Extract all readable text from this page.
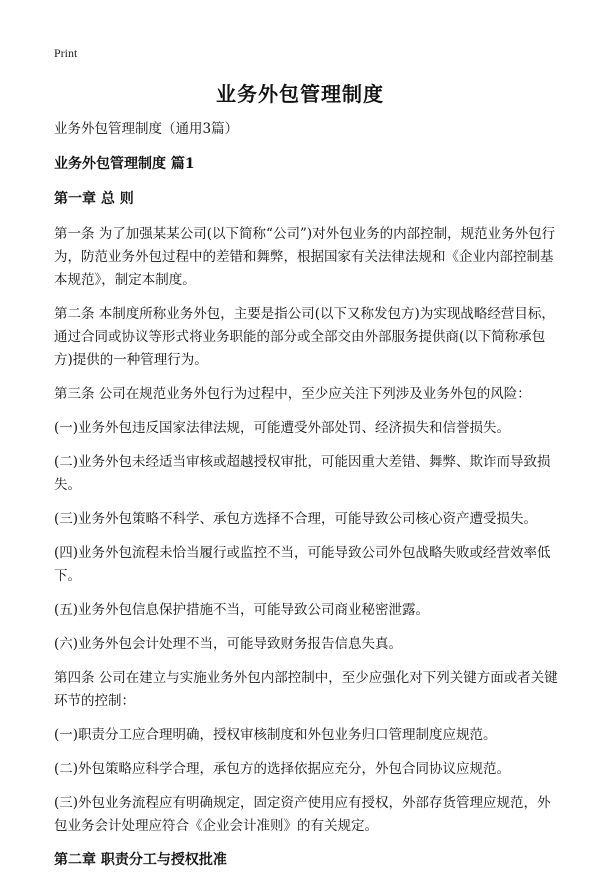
Print
业务外包管理制度
业务外包管理制度（通用3篇）
业务外包管理制度 篇1
第一章 总 则
第一条 为了加强某某公司(以下简称“公司”)对外包业务的内部控制，规范业务外包行为，防范业务外包过程中的差错和舞弊，根据国家有关法律法规和《企业内部控制基本规范》，制定本制度。
第二条 本制度所称业务外包，主要是指公司(以下又称发包方)为实现战略经营目标，通过合同或协议等形式将业务职能的部分或全部交由外部服务提供商(以下简称承包方)提供的一种管理行为。
第三条 公司在规范业务外包行为过程中，至少应关注下列涉及业务外包的风险：
(一)业务外包违反国家法律法规，可能遭受外部处罚、经济损失和信誉损失。
(二)业务外包未经适当审核或超越授权审批，可能因重大差错、舞弊、欺诈而导致损失。
(三)业务外包策略不科学、承包方选择不合理，可能导致公司核心资产遭受损失。
(四)业务外包流程未恰当履行或监控不当，可能导致公司外包战略失败或经营效率低下。
(五)业务外包信息保护措施不当，可能导致公司商业秘密泄露。
(六)业务外包会计处理不当，可能导致财务报告信息失真。
第四条 公司在建立与实施业务外包内部控制中，至少应强化对下列关键方面或者关键环节的控制：
(一)职责分工应合理明确，授权审核制度和外包业务归口管理制度应规范。
(二)外包策略应科学合理，承包方的选择依据应充分，外包合同协议应规范。
(三)外包业务流程应有明确规定，固定资产使用应有授权，外部存货管理应规范，外包业务会计处理应符合《企业会计准则》的有关规定。
第二章 职责分工与授权批准
